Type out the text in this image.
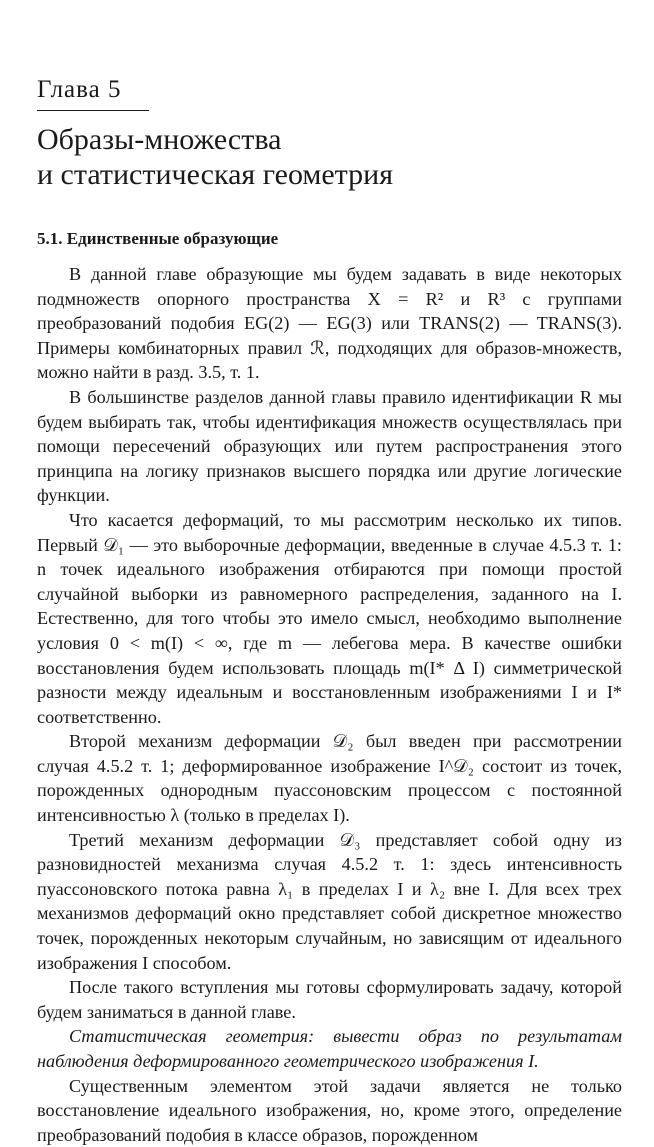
Глава 5
Образы-множества
и статистическая геометрия
5.1. Единственные образующие

В данной главе образующие мы будем задавать в виде некоторых подмножеств опорного пространства X = R² и R³ с группами преобразований подобия EG(2) — EG(3) или TRANS(2) — TRANS(3). Примеры комбинаторных правил ℛ, подходящих для образов-множеств, можно найти в разд. 3.5, т. 1.

В большинстве разделов данной главы правило идентификации R мы будем выбирать так, чтобы идентификация множеств осуществлялась при помощи пересечений образующих или путем распространения этого принципа на логику признаков высшего порядка или другие логические функции.

Что касается деформаций, то мы рассмотрим несколько их типов. Первый 𝒟₁ — это выборочные деформации, введенные в случае 4.5.3 т. 1: n точек идеального изображения отбираются при помощи простой случайной выборки из равномерного распределения, заданного на I. Естественно, для того чтобы это имело смысл, необходимо выполнение условия 0 < m(I) < ∞, где m — лебегова мера. В качестве ошибки восстановления будем использовать площадь m(I* Δ I) симметрической разности между идеальным и восстановленным изображениями I и I* соответственно.

Второй механизм деформации 𝒟₂ был введен при рассмотрении случая 4.5.2 т. 1; деформированное изображение I^𝒟₂ состоит из точек, порожденных однородным пуассоновским процессом с постоянной интенсивностью λ (только в пределах I).

Третий механизм деформации 𝒟₃ представляет собой одну из разновидностей механизма случая 4.5.2 т. 1: здесь интенсивность пуассоновского потока равна λ₁ в пределах I и λ₂ вне I. Для всех трех механизмов деформаций окно представляет собой дискретное множество точек, порожденных некоторым случайным, но зависящим от идеального изображения I способом.

После такого вступления мы готовы сформулировать задачу, которой будем заниматься в данной главе.

Статистическая геометрия: вывести образ по результатам наблюдения деформированного геометрического изображения I.

Существенным элементом этой задачи является не только восстановление идеального изображения, но, кроме этого, определение преобразований подобия в классе образов, порожденном
